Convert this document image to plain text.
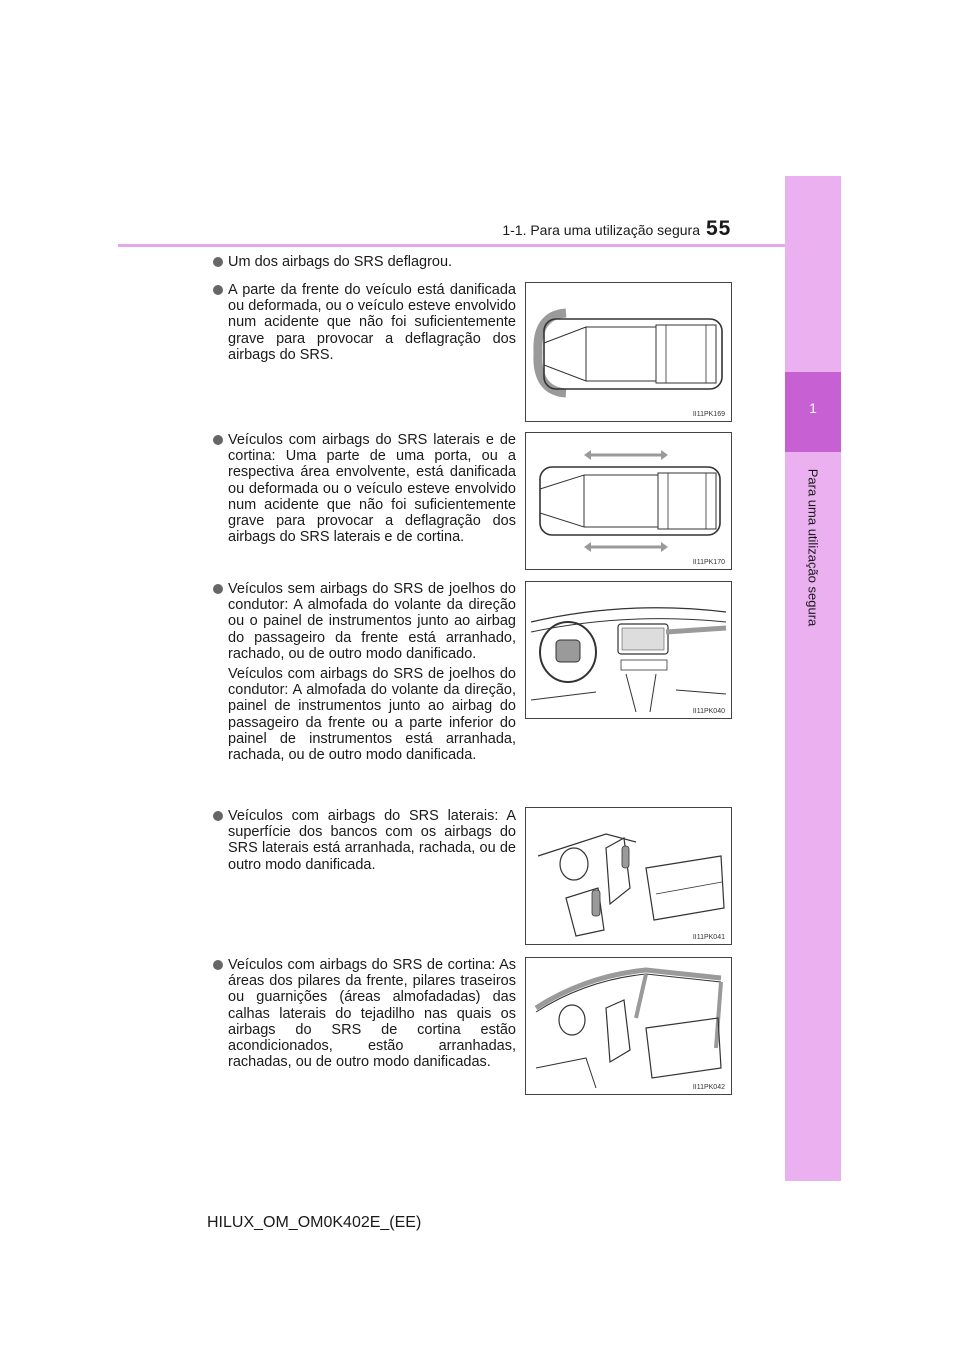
1
Para uma utilização segura
1-1. Para uma utilização segura 55
Um dos airbags do SRS deflagrou.
A parte da frente do veículo está danificada ou deformada, ou o veículo esteve envolvido num acidente que não foi suficientemente grave para provocar a deflagração dos airbags do SRS.
II11PK169
Veículos com airbags do SRS laterais e de cortina: Uma parte de uma porta, ou a respectiva área envolvente, está danificada ou deformada ou o veículo esteve envolvido num acidente que não foi suficientemente grave para provocar a deflagração dos airbags do SRS laterais e de cortina.
II11PK170
Veículos sem airbags do SRS de joelhos do condutor: A almofada do volante da direção ou o painel de instrumentos junto ao airbag do passageiro da frente está arranhado, rachado, ou de outro modo danificado.
Veículos com airbags do SRS de joelhos do condutor: A almofada do volante da direção, painel de instrumentos junto ao airbag do passageiro da frente ou a parte inferior do painel de instrumentos está arranhada, rachada, ou de outro modo danificada.
II11PK040
Veículos com airbags do SRS laterais: A superfície dos bancos com os airbags do SRS laterais está arranhada, rachada, ou de outro modo danificada.
II11PK041
Veículos com airbags do SRS de cortina: As áreas dos pilares da frente, pilares traseiros ou guarnições (áreas almofadadas) das calhas laterais do tejadilho nas quais os airbags do SRS de cortina estão acondicionados, estão arranhadas, rachadas, ou de outro modo danificadas.
II11PK042
HILUX_OM_OM0K402E_(EE)
